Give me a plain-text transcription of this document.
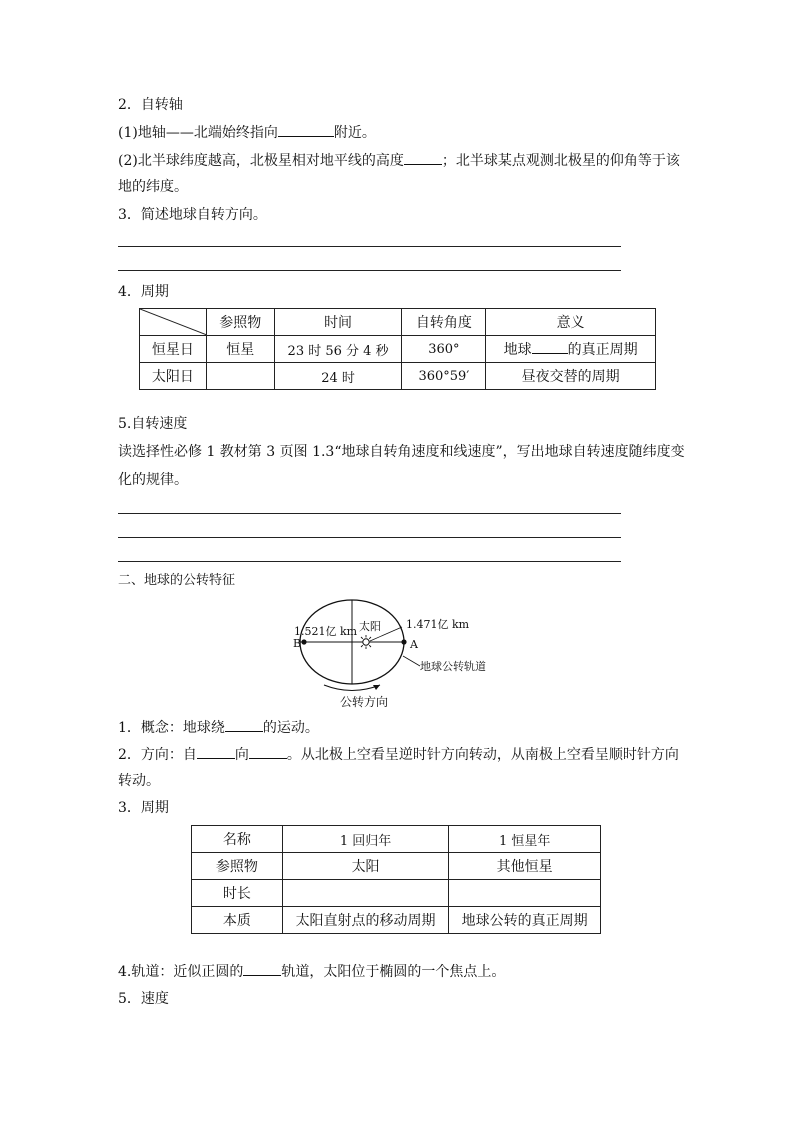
2．自转轴
(1)地轴——北端始终指向	附近。
(2)北半球纬度越高，北极星相对地平线的高度	；北半球某点观测北极星的仰角等于该
地的纬度。
3．简述地球自转方向。
4．周期
	参照物	时间	自转角度	意义
恒星日	恒星	23 时 56 分 4 秒	360°	地球 的真正周期
太阳日		24 时	360°59′	昼夜交替的周期
5.自转速度
读选择性必修 1 教材第 3 页图 1.3“地球自转角速度和线速度”，写出地球自转速度随纬度变
化的规律。
二、地球的公转特征
1.521亿 km 太阳 1.471亿 km
B	A
地球公转轨道
公转方向
1．概念：地球绕	的运动。
2．方向：自	向	。从北极上空看呈逆时针方向转动，从南极上空看呈顺时针方向
转动。
3．周期
名称	1 回归年	1 恒星年
参照物	太阳	其他恒星
时长		
本质	太阳直射点的移动周期	地球公转的真正周期
4.轨道：近似正圆的	轨道，太阳位于椭圆的一个焦点上。
5．速度
